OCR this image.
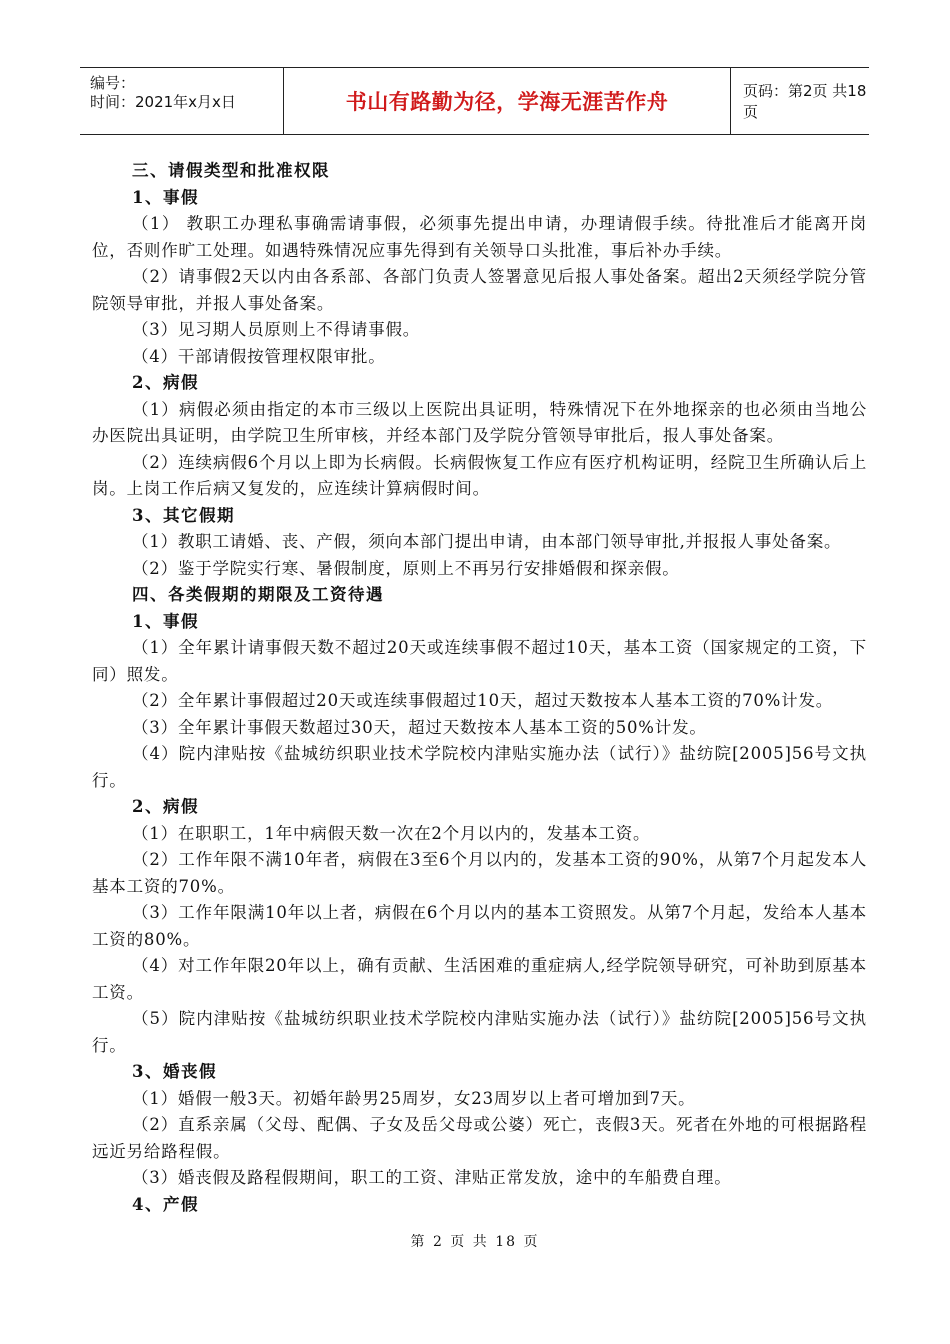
编号：
时间：2021年x月x日	书山有路勤为径，学海无涯苦作舟	页码：第2页 共18页

三、请假类型和批准权限

1、事假

（1） 教职工办理私事确需请事假，必须事先提出申请，办理请假手续。待批准后才能离开岗位，否则作旷工处理。如遇特殊情况应事先得到有关领导口头批准，事后补办手续。

（2）请事假2天以内由各系部、各部门负责人签署意见后报人事处备案。超出2天须经学院分管院领导审批，并报人事处备案。

（3）见习期人员原则上不得请事假。

（4）干部请假按管理权限审批。

2、病假

（1）病假必须由指定的本市三级以上医院出具证明，特殊情况下在外地探亲的也必须由当地公办医院出具证明，由学院卫生所审核，并经本部门及学院分管领导审批后，报人事处备案。

（2）连续病假6个月以上即为长病假。长病假恢复工作应有医疗机构证明，经院卫生所确认后上岗。上岗工作后病又复发的，应连续计算病假时间。

3、其它假期

（1）教职工请婚、丧、产假，须向本部门提出申请，由本部门领导审批,并报报人事处备案。

（2）鉴于学院实行寒、暑假制度，原则上不再另行安排婚假和探亲假。

四、各类假期的期限及工资待遇

1、事假

（1）全年累计请事假天数不超过20天或连续事假不超过10天，基本工资（国家规定的工资，下同）照发。

（2）全年累计事假超过20天或连续事假超过10天，超过天数按本人基本工资的70%计发。

（3）全年累计事假天数超过30天，超过天数按本人基本工资的50%计发。

（4）院内津贴按《盐城纺织职业技术学院校内津贴实施办法（试行）》盐纺院[2005]56号文执行。

2、病假

（1）在职职工，1年中病假天数一次在2个月以内的，发基本工资。

（2）工作年限不满10年者，病假在3至6个月以内的，发基本工资的90%，从第7个月起发本人基本工资的70%。

（3）工作年限满10年以上者，病假在6个月以内的基本工资照发。从第7个月起，发给本人基本工资的80%。

（4）对工作年限20年以上，确有贡献、生活困难的重症病人,经学院领导研究，可补助到原基本工资。

（5）院内津贴按《盐城纺织职业技术学院校内津贴实施办法（试行）》盐纺院[2005]56号文执行。

3、婚丧假

（1）婚假一般3天。初婚年龄男25周岁，女23周岁以上者可增加到7天。

（2）直系亲属（父母、配偶、子女及岳父母或公婆）死亡，丧假3天。死者在外地的可根据路程远近另给路程假。

（3）婚丧假及路程假期间，职工的工资、津贴正常发放，途中的车船费自理。

4、产假

第 2 页 共 18 页
